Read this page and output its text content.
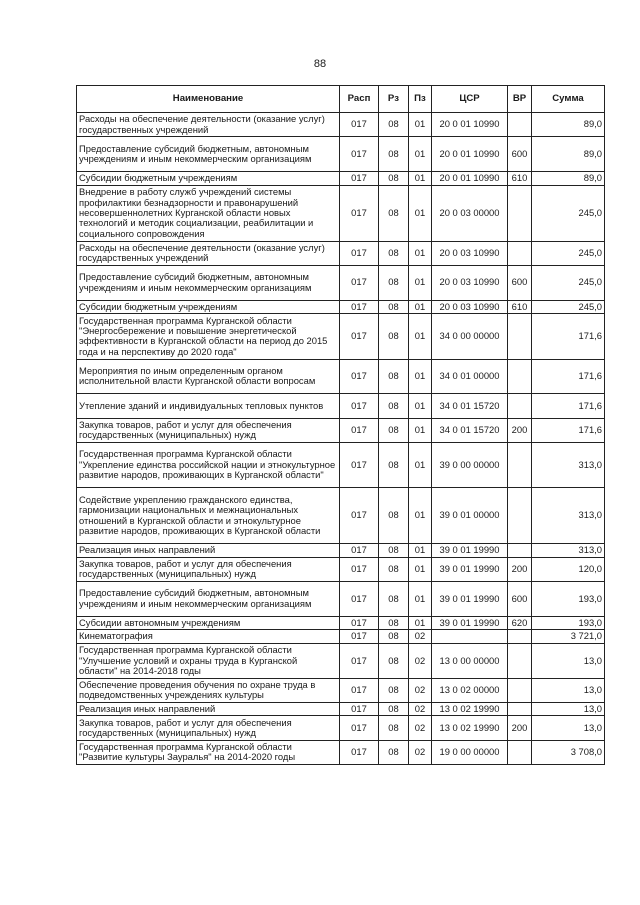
88
Наименование	Расп	Рз	Пз	ЦСР	ВР	Сумма
Расходы на обеспечение деятельности (оказание услуг) государственных учреждений	017	08	01	20 0 01 10990		89,0
Предоставление субсидий бюджетным, автономным учреждениям и иным некоммерческим организациям	017	08	01	20 0 01 10990	600	89,0
Субсидии бюджетным учреждениям	017	08	01	20 0 01 10990	610	89,0
Внедрение в работу служб учреждений системы профилактики безнадзорности и правонарушений несовершеннолетних Курганской области новых технологий и методик социализации, реабилитации и социального сопровождения	017	08	01	20 0 03 00000		245,0
Расходы на обеспечение деятельности (оказание услуг) государственных учреждений	017	08	01	20 0 03 10990		245,0
Предоставление субсидий бюджетным, автономным учреждениям и иным некоммерческим организациям	017	08	01	20 0 03 10990	600	245,0
Субсидии бюджетным учреждениям	017	08	01	20 0 03 10990	610	245,0
Государственная программа Курганской области "Энергосбережение и повышение энергетической эффективности в Курганской области на период до 2015 года и на перспективу до 2020 года"	017	08	01	34 0 00 00000		171,6
Мероприятия по иным определенным органом исполнительной власти Курганской области вопросам	017	08	01	34 0 01 00000		171,6
Утепление зданий и индивидуальных тепловых пунктов	017	08	01	34 0 01 15720		171,6
Закупка товаров, работ и услуг для обеспечения государственных (муниципальных) нужд	017	08	01	34 0 01 15720	200	171,6
Государственная программа Курганской области "Укрепление единства российской нации и этнокультурное развитие народов, проживающих в Курганской области"	017	08	01	39 0 00 00000		313,0
Содействие укреплению гражданского единства, гармонизации национальных и межнациональных отношений в Курганской области и этнокультурное развитие народов, проживающих в Курганской области	017	08	01	39 0 01 00000		313,0
Реализация иных направлений	017	08	01	39 0 01 19990		313,0
Закупка товаров, работ и услуг для обеспечения государственных (муниципальных) нужд	017	08	01	39 0 01 19990	200	120,0
Предоставление субсидий бюджетным, автономным учреждениям и иным некоммерческим организациям	017	08	01	39 0 01 19990	600	193,0
Субсидии автономным учреждениям	017	08	01	39 0 01 19990	620	193,0
Кинематография	017	08	02			3 721,0
Государственная программа Курганской области "Улучшение условий и охраны труда в Курганской области" на 2014-2018 годы	017	08	02	13 0 00 00000		13,0
Обеспечение проведения обучения по охране труда в подведомственных учреждениях культуры	017	08	02	13 0 02 00000		13,0
Реализация иных направлений	017	08	02	13 0 02 19990		13,0
Закупка товаров, работ и услуг для обеспечения государственных (муниципальных) нужд	017	08	02	13 0 02 19990	200	13,0
Государственная программа Курганской области "Развитие культуры Зауралья" на 2014-2020 годы	017	08	02	19 0 00 00000		3 708,0
